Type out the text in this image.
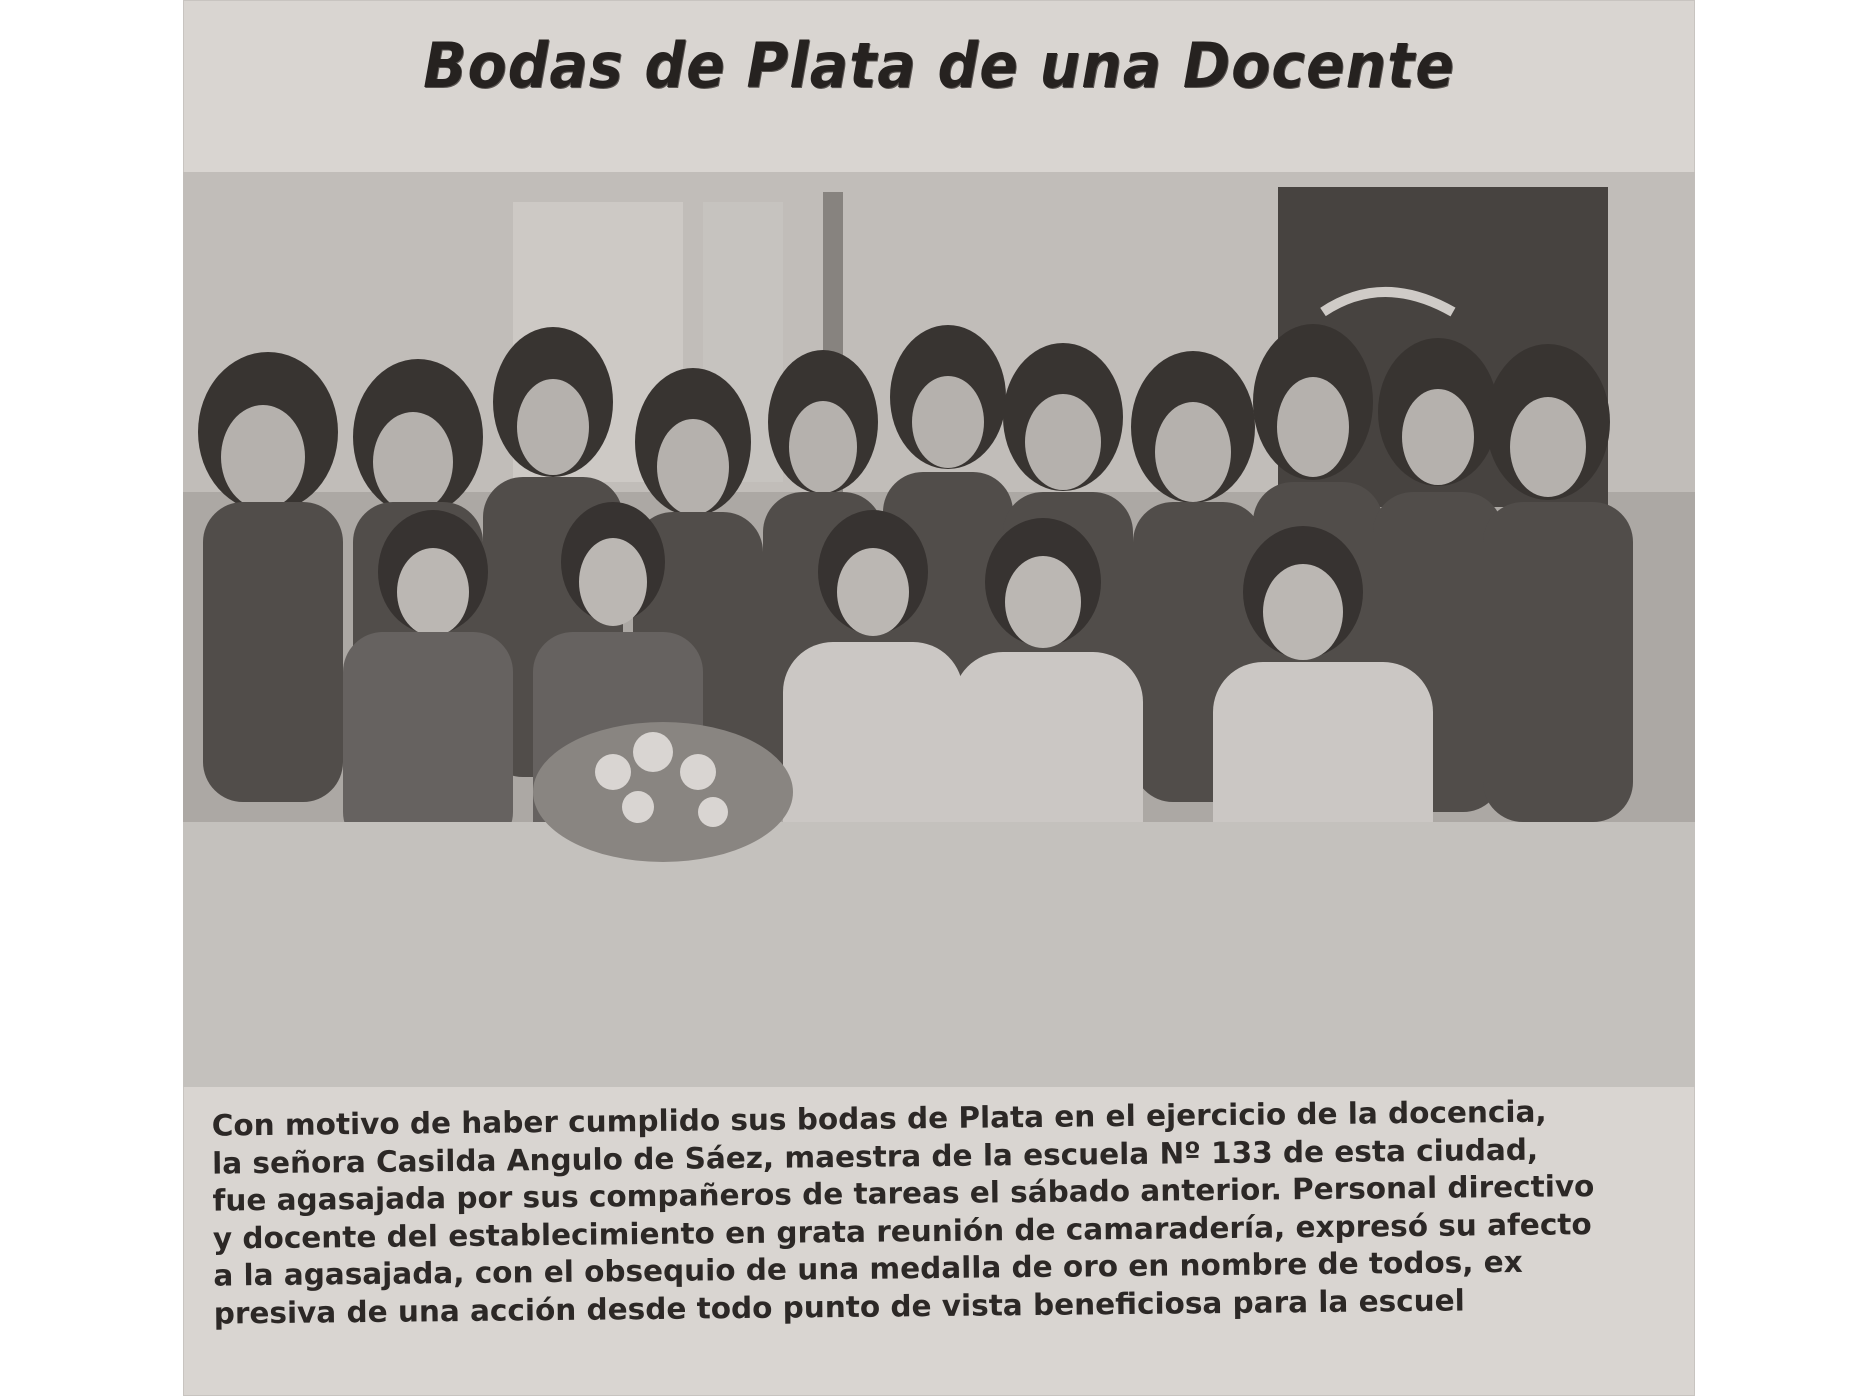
Bodas de Plata de una Docente
Con motivo de haber cumplido sus bodas de Plata en el ejercicio de la docencia,
la señora Casilda Angulo de Sáez, maestra de la escuela Nº 133 de esta ciudad,
fue agasajada por sus compañeros de tareas el sábado anterior. Personal directivo
y docente del establecimiento en grata reunión de camaradería, expresó su afecto
a la agasajada, con el obsequio de una medalla de oro en nombre de todos, ex
presiva de una acción desde todo punto de vista beneficiosa para la escuel
